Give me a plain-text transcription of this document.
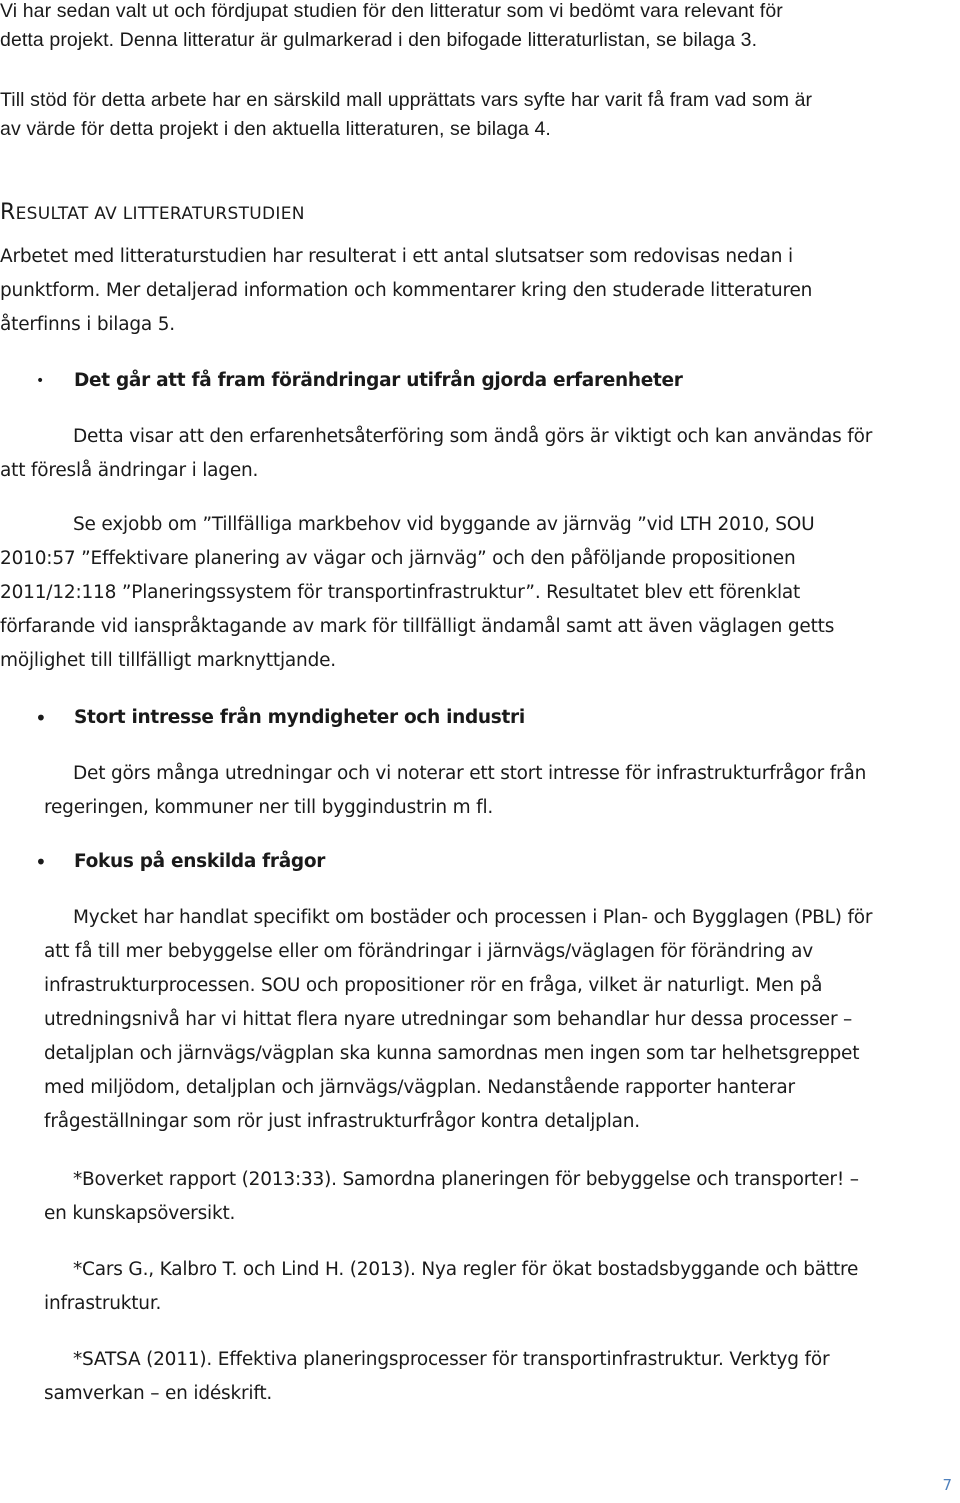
Vi har sedan valt ut och fördjupat studien för den litteratur som vi bedömt vara relevant för
detta projekt. Denna litteratur är gulmarkerad i den bifogade litteraturlistan, se bilaga 3.
Till stöd för detta arbete har en särskild mall upprättats vars syfte har varit få fram vad som är
av värde för detta projekt i den aktuella litteraturen, se bilaga 4.
RESULTAT AV LITTERATURSTUDIEN
Arbetet med litteraturstudien har resulterat i ett antal slutsatser som redovisas nedan i
punktform. Mer detaljerad information och kommentarer kring den studerade litteraturen
återfinns i bilaga 5.
• Det går att få fram förändringar utifrån gjorda erfarenheter
Detta visar att den erfarenhetsåterföring som ändå görs är viktigt och kan användas för
att föreslå ändringar i lagen.
Se exjobb om ”Tillfälliga markbehov vid byggande av järnväg ”vid LTH 2010, SOU
2010:57 ”Effektivare planering av vägar och järnväg” och den påföljande propositionen
2011/12:118 ”Planeringssystem för transportinfrastruktur”. Resultatet blev ett förenklat
förfarande vid ianspråktagande av mark för tillfälligt ändamål samt att även väglagen getts
möjlighet till tillfälligt marknyttjande.
• Stort intresse från myndigheter och industri
Det görs många utredningar och vi noterar ett stort intresse för infrastrukturfrågor från
regeringen, kommuner ner till byggindustrin m fl.
• Fokus på enskilda frågor
Mycket har handlat specifikt om bostäder och processen i Plan- och Bygglagen (PBL) för
att få till mer bebyggelse eller om förändringar i järnvägs/väglagen för förändring av
infrastrukturprocessen. SOU och propositioner rör en fråga, vilket är naturligt. Men på
utredningsnivå har vi hittat flera nyare utredningar som behandlar hur dessa processer –
detaljplan och järnvägs/vägplan ska kunna samordnas men ingen som tar helhetsgreppet
med miljödom, detaljplan och järnvägs/vägplan. Nedanstående rapporter hanterar
frågeställningar som rör just infrastrukturfrågor kontra detaljplan.
*Boverket rapport (2013:33). Samordna planeringen för bebyggelse och transporter! –
en kunskapsöversikt.
*Cars G., Kalbro T. och Lind H. (2013). Nya regler för ökat bostadsbyggande och bättre
infrastruktur.
*SATSA (2011). Effektiva planeringsprocesser för transportinfrastruktur. Verktyg för
samverkan – en idéskrift.
7
